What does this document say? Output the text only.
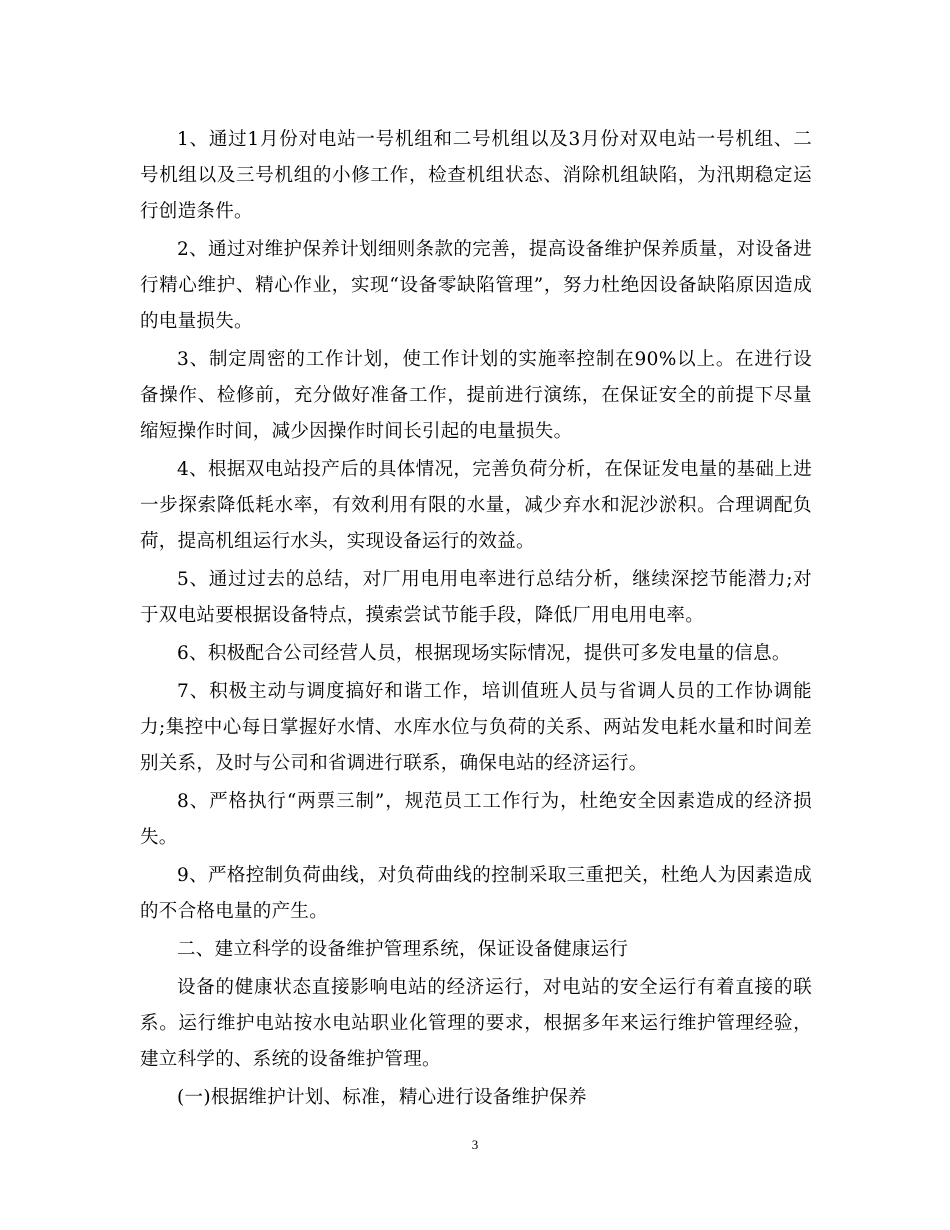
1、通过1月份对电站一号机组和二号机组以及3月份对双电站一号机组、二号机组以及三号机组的小修工作，检查机组状态、消除机组缺陷，为汛期稳定运行创造条件。

2、通过对维护保养计划细则条款的完善，提高设备维护保养质量，对设备进行精心维护、精心作业，实现“设备零缺陷管理”，努力杜绝因设备缺陷原因造成的电量损失。

3、制定周密的工作计划，使工作计划的实施率控制在90%以上。在进行设备操作、检修前，充分做好准备工作，提前进行演练，在保证安全的前提下尽量缩短操作时间，减少因操作时间长引起的电量损失。

4、根据双电站投产后的具体情况，完善负荷分析，在保证发电量的基础上进一步探索降低耗水率，有效利用有限的水量，减少弃水和泥沙淤积。合理调配负荷，提高机组运行水头，实现设备运行的效益。

5、通过过去的总结，对厂用电用电率进行总结分析，继续深挖节能潜力;对于双电站要根据设备特点，摸索尝试节能手段，降低厂用电用电率。

6、积极配合公司经营人员，根据现场实际情况，提供可多发电量的信息。

7、积极主动与调度搞好和谐工作，培训值班人员与省调人员的工作协调能力;集控中心每日掌握好水情、水库水位与负荷的关系、两站发电耗水量和时间差别关系，及时与公司和省调进行联系，确保电站的经济运行。

8、严格执行“两票三制”，规范员工工作行为，杜绝安全因素造成的经济损失。

9、严格控制负荷曲线，对负荷曲线的控制采取三重把关，杜绝人为因素造成的不合格电量的产生。

二、建立科学的设备维护管理系统，保证设备健康运行

设备的健康状态直接影响电站的经济运行，对电站的安全运行有着直接的联系。运行维护电站按水电站职业化管理的要求，根据多年来运行维护管理经验，建立科学的、系统的设备维护管理。

(一)根据维护计划、标准，精心进行设备维护保养

3
